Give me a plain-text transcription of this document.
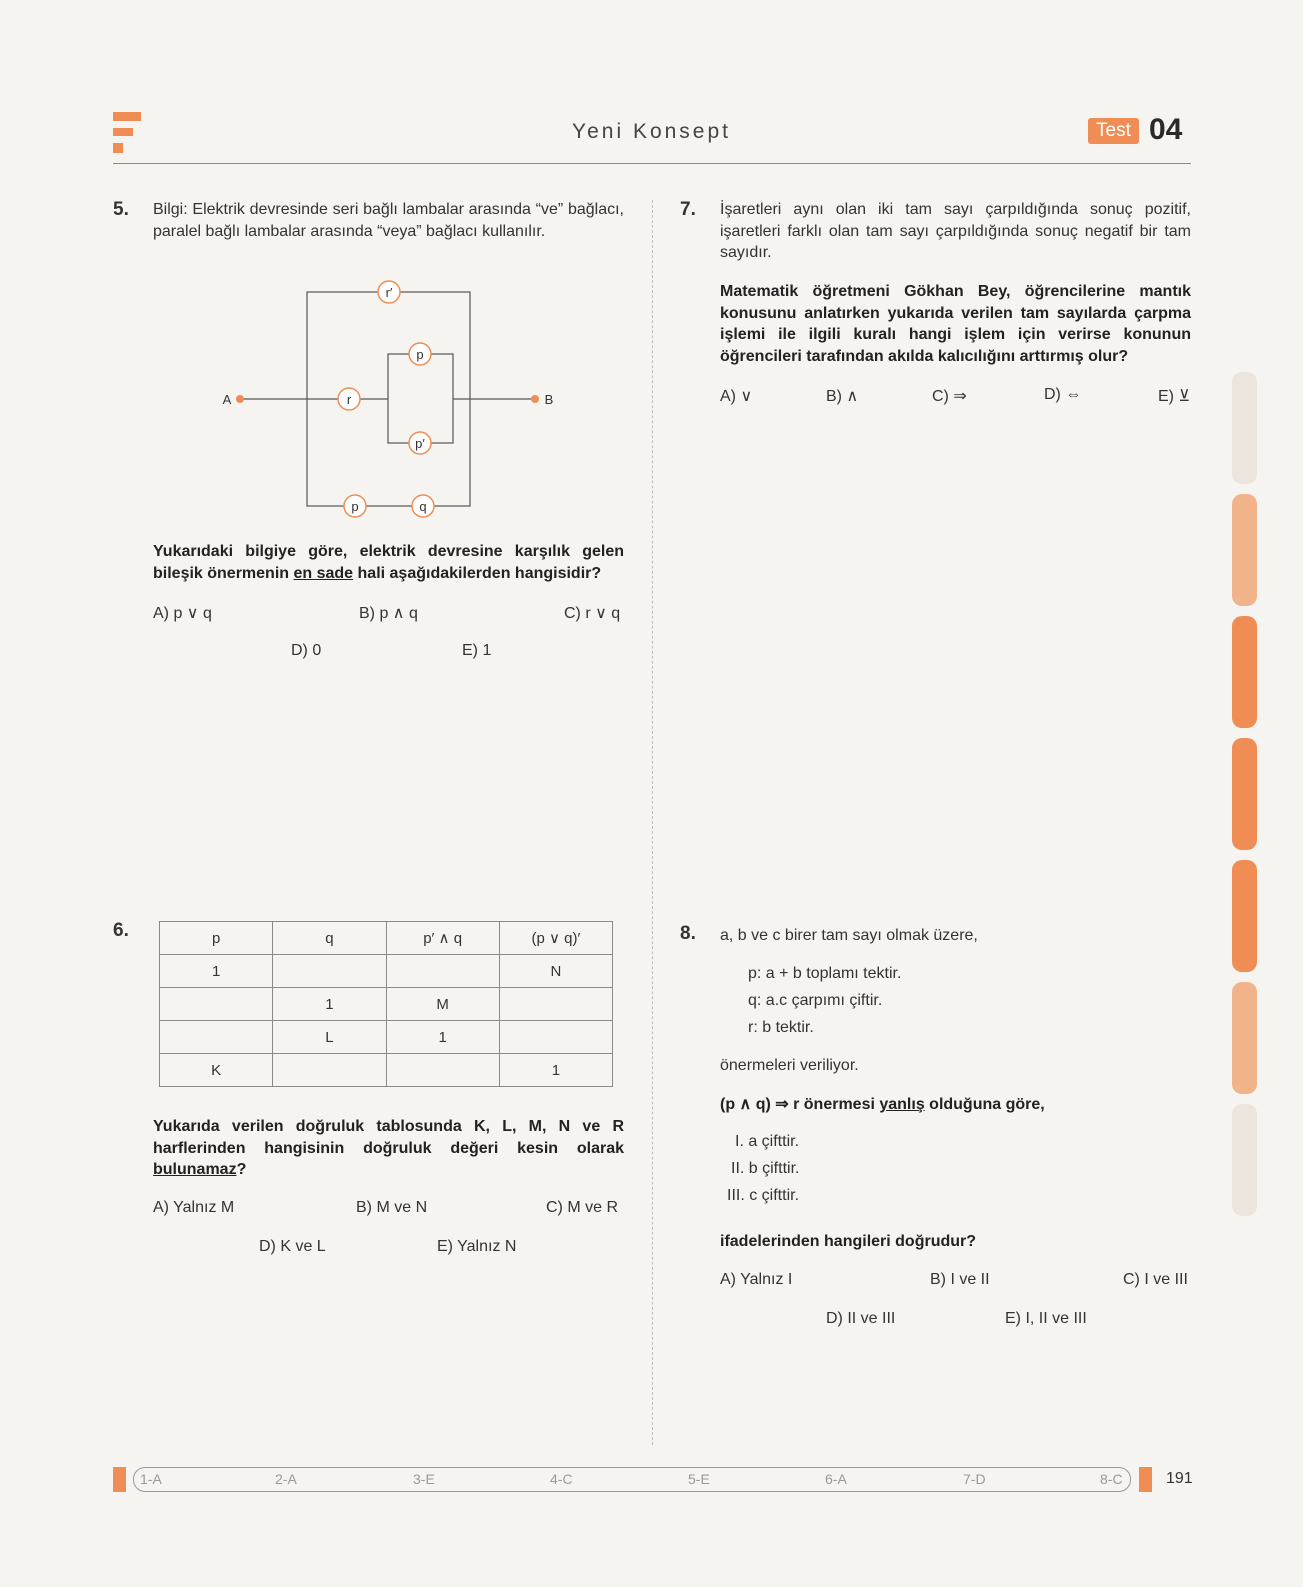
Yeni Konsept	Test 04
5. Bilgi: Elektrik devresinde seri bağlı lambalar arasında “ve” bağlacı, paralel bağlı lambalar arasında “veya” bağlacı kullanılır.
r′
p
r
p′
p	q
A	B
Yukarıdaki bilgiye göre, elektrik devresine karşılık gelen bileşik önermenin en sade hali aşağıdakilerden hangisidir?
A) p ∨ q	B) p ∧ q	C) r ∨ q
D) 0	E) 1
6.	p	q	p′ ∧ q	(p ∨ q)′
1			N
	1	M	
	L	1	
K			1
Yukarıda verilen doğruluk tablosunda K, L, M, N ve R harflerinden hangisinin doğruluk değeri kesin olarak bulunamaz?
A) Yalnız M	B) M ve N	C) M ve R
D) K ve L	E) Yalnız N
7. İşaretleri aynı olan iki tam sayı çarpıldığında sonuç pozitif, işaretleri farklı olan tam sayı çarpıldığında sonuç negatif bir tam sayıdır.
Matematik öğretmeni Gökhan Bey, öğrencilerine mantık konusunu anlatırken yukarıda verilen tam sayılarda çarpma işlemi ile ilgili kuralı hangi işlem için verirse konunun öğrencileri tarafından akılda kalıcılığını arttırmış olur?
A) ∨	B) ∧	C) ⇒	D) ⇔	E) ⊻
8. a, b ve c birer tam sayı olmak üzere,
p: a + b toplamı tektir.
q: a.c çarpımı çiftir.
r: b tektir.
önermeleri veriliyor.
(p ∧ q) ⇒ r önermesi yanlış olduğuna göre,
I. a çifttir.
II. b çifttir.
III. c çifttir.
ifadelerinden hangileri doğrudur?
A) Yalnız I	B) I ve II	C) I ve III
D) II ve III	E) I, II ve III
1-A	2-A	3-E	4-C	5-E	6-A	7-D	8-C	191
